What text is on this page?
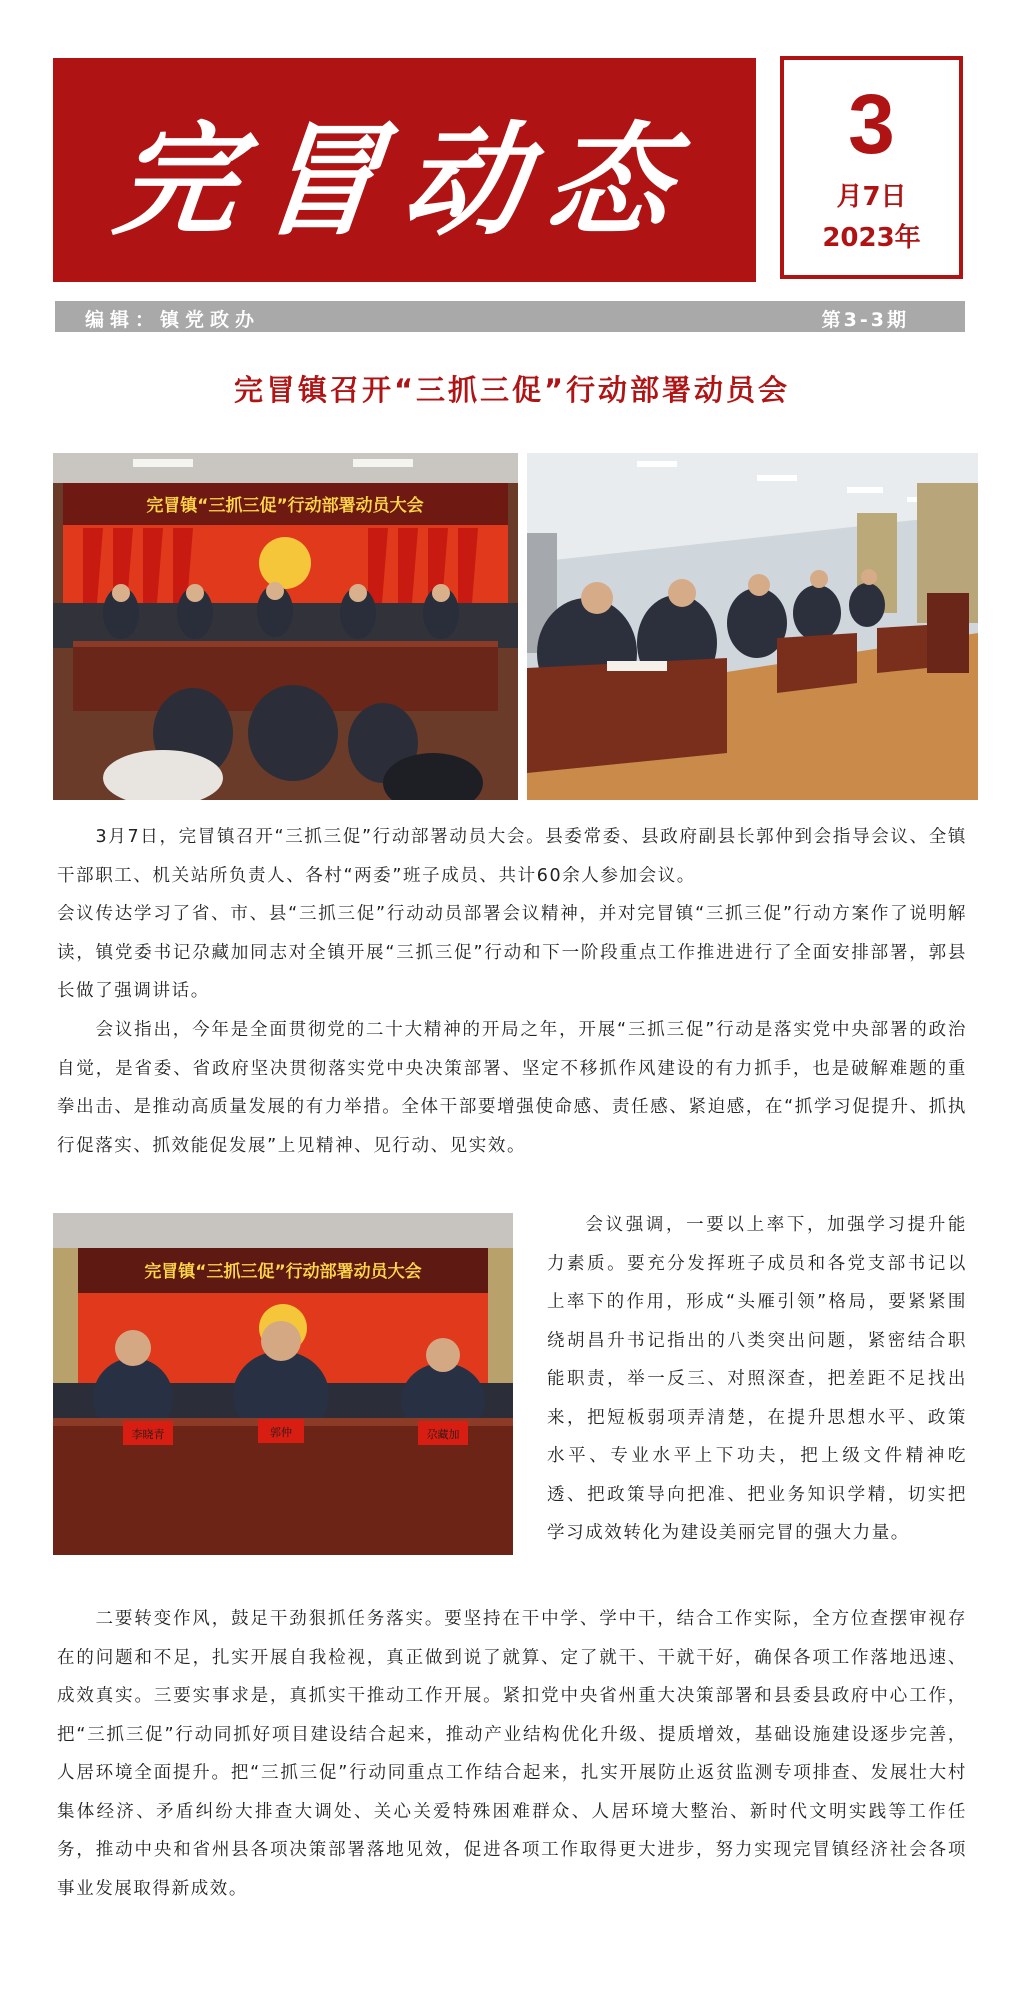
完冒动态	3
月7日
2023年
编辑：镇党政办	第3-3期
完冒镇召开“三抓三促”行动部署动员会
完冒镇“三抓三促”行动部署动员大会

3月7日，完冒镇召开“三抓三促”行动部署动员大会。县委常委、县政府副县长郭仲到会指导会议、全镇干部职工、机关站所负责人、各村“两委”班子成员、共计60余人参加会议。

会议传达学习了省、市、县“三抓三促”行动动员部署会议精神，并对完冒镇“三抓三促”行动方案作了说明解读，镇党委书记尕藏加同志对全镇开展“三抓三促”行动和下一阶段重点工作推进进行了全面安排部署，郭县长做了强调讲话。

会议指出，今年是全面贯彻党的二十大精神的开局之年，开展“三抓三促”行动是落实党中央部署的政治自觉，是省委、省政府坚决贯彻落实党中央决策部署、坚定不移抓作风建设的有力抓手，也是破解难题的重拳出击、是推动高质量发展的有力举措。全体干部要增强使命感、责任感、紧迫感，在“抓学习促提升、抓执行促落实、抓效能促发展”上见精神、见行动、见实效。

完冒镇“三抓三促”行动部署动员大会
李晓青	郭仲	尕藏加

会议强调，一要以上率下，加强学习提升能力素质。要充分发挥班子成员和各党支部书记以上率下的作用，形成“头雁引领”格局，要紧紧围绕胡昌升书记指出的八类突出问题，紧密结合职能职责，举一反三、对照深查，把差距不足找出来，把短板弱项弄清楚，在提升思想水平、政策水平、专业水平上下功夫，把上级文件精神吃透、把政策导向把准、把业务知识学精，切实把学习成效转化为建设美丽完冒的强大力量。

二要转变作风，鼓足干劲狠抓任务落实。要坚持在干中学、学中干，结合工作实际，全方位查摆审视存在的问题和不足，扎实开展自我检视，真正做到说了就算、定了就干、干就干好，确保各项工作落地迅速、成效真实。三要实事求是，真抓实干推动工作开展。紧扣党中央省州重大决策部署和县委县政府中心工作，把“三抓三促”行动同抓好项目建设结合起来，推动产业结构优化升级、提质增效，基础设施建设逐步完善，人居环境全面提升。把“三抓三促”行动同重点工作结合起来，扎实开展防止返贫监测专项排查、发展壮大村集体经济、矛盾纠纷大排查大调处、关心关爱特殊困难群众、人居环境大整治、新时代文明实践等工作任务，推动中央和省州县各项决策部署落地见效，促进各项工作取得更大进步，努力实现完冒镇经济社会各项事业发展取得新成效。
